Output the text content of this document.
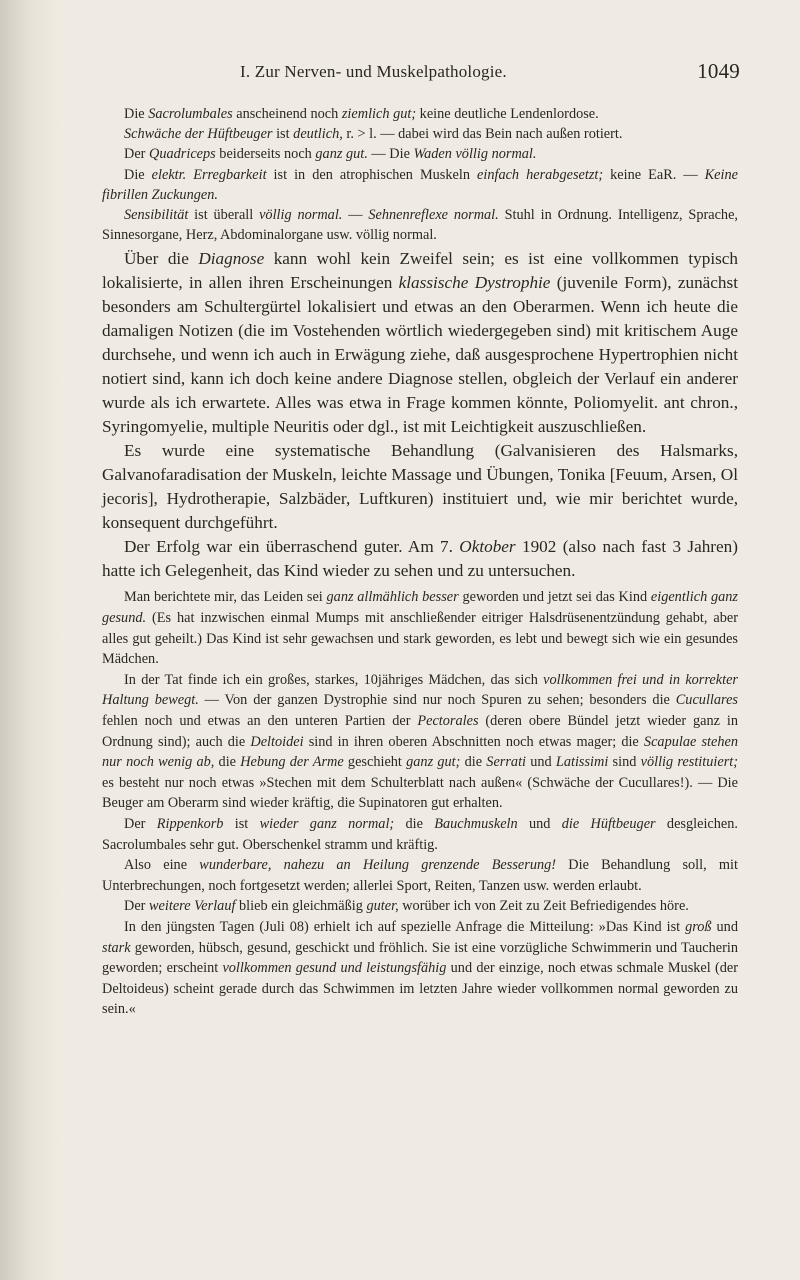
I. Zur Nerven- und Muskelpathologie.	1049

Die Sacrolumbales anscheinend noch ziemlich gut; keine deutliche Lendenlordose.

Schwäche der Hüftbeuger ist deutlich, r. > l. — dabei wird das Bein nach außen rotiert.

Der Quadriceps beiderseits noch ganz gut. — Die Waden völlig normal.

Die elektr. Erregbarkeit ist in den atrophischen Muskeln einfach herabgesetzt; keine EaR. — Keine fibrillen Zuckungen.

Sensibilität ist überall völlig normal. — Sehnenreflexe normal. Stuhl in Ordnung. Intelligenz, Sprache, Sinnesorgane, Herz, Abdominalorgane usw. völlig normal.

Über die Diagnose kann wohl kein Zweifel sein; es ist eine vollkommen typisch lokalisierte, in allen ihren Erscheinungen klassische Dystrophie (juvenile Form), zunächst besonders am Schultergürtel lokalisiert und etwas an den Oberarmen. Wenn ich heute die damaligen Notizen (die im Vostehenden wörtlich wiedergegeben sind) mit kritischem Auge durchsehe, und wenn ich auch in Erwägung ziehe, daß ausgesprochene Hypertrophien nicht notiert sind, kann ich doch keine andere Diagnose stellen, obgleich der Verlauf ein anderer wurde als ich erwartete. Alles was etwa in Frage kommen könnte, Poliomyelit. ant chron., Syringomyelie, multiple Neuritis oder dgl., ist mit Leichtigkeit auszuschließen.

Es wurde eine systematische Behandlung (Galvanisieren des Halsmarks, Galvanofaradisation der Muskeln, leichte Massage und Übungen, Tonika [Feuum, Arsen, Ol jecoris], Hydrotherapie, Salzbäder, Luftkuren) instituiert und, wie mir berichtet wurde, konsequent durchgeführt.

Der Erfolg war ein überraschend guter. Am 7. Oktober 1902 (also nach fast 3 Jahren) hatte ich Gelegenheit, das Kind wieder zu sehen und zu untersuchen.

Man berichtete mir, das Leiden sei ganz allmählich besser geworden und jetzt sei das Kind eigentlich ganz gesund. (Es hat inzwischen einmal Mumps mit anschließender eitriger Halsdrüsenentzündung gehabt, aber alles gut geheilt.) Das Kind ist sehr gewachsen und stark geworden, es lebt und bewegt sich wie ein gesundes Mädchen.

In der Tat finde ich ein großes, starkes, 10jähriges Mädchen, das sich vollkommen frei und in korrekter Haltung bewegt. — Von der ganzen Dystrophie sind nur noch Spuren zu sehen; besonders die Cucullares fehlen noch und etwas an den unteren Partien der Pectorales (deren obere Bündel jetzt wieder ganz in Ordnung sind); auch die Deltoidei sind in ihren oberen Abschnitten noch etwas mager; die Scapulae stehen nur noch wenig ab, die Hebung der Arme geschieht ganz gut; die Serrati und Latissimi sind völlig restituiert; es besteht nur noch etwas »Stechen mit dem Schulterblatt nach außen« (Schwäche der Cucullares!). — Die Beuger am Oberarm sind wieder kräftig, die Supinatoren gut erhalten.

Der Rippenkorb ist wieder ganz normal; die Bauchmuskeln und die Hüftbeuger desgleichen. Sacrolumbales sehr gut. Oberschenkel stramm und kräftig.

Also eine wunderbare, nahezu an Heilung grenzende Besserung! Die Behandlung soll, mit Unterbrechungen, noch fortgesetzt werden; allerlei Sport, Reiten, Tanzen usw. werden erlaubt.

Der weitere Verlauf blieb ein gleichmäßig guter, worüber ich von Zeit zu Zeit Befriedigendes höre.

In den jüngsten Tagen (Juli 08) erhielt ich auf spezielle Anfrage die Mitteilung: »Das Kind ist groß und stark geworden, hübsch, gesund, geschickt und fröhlich. Sie ist eine vorzügliche Schwimmerin und Taucherin geworden; erscheint vollkommen gesund und leistungsfähig und der einzige, noch etwas schmale Muskel (der Deltoideus) scheint gerade durch das Schwimmen im letzten Jahre wieder vollkommen normal geworden zu sein.«
